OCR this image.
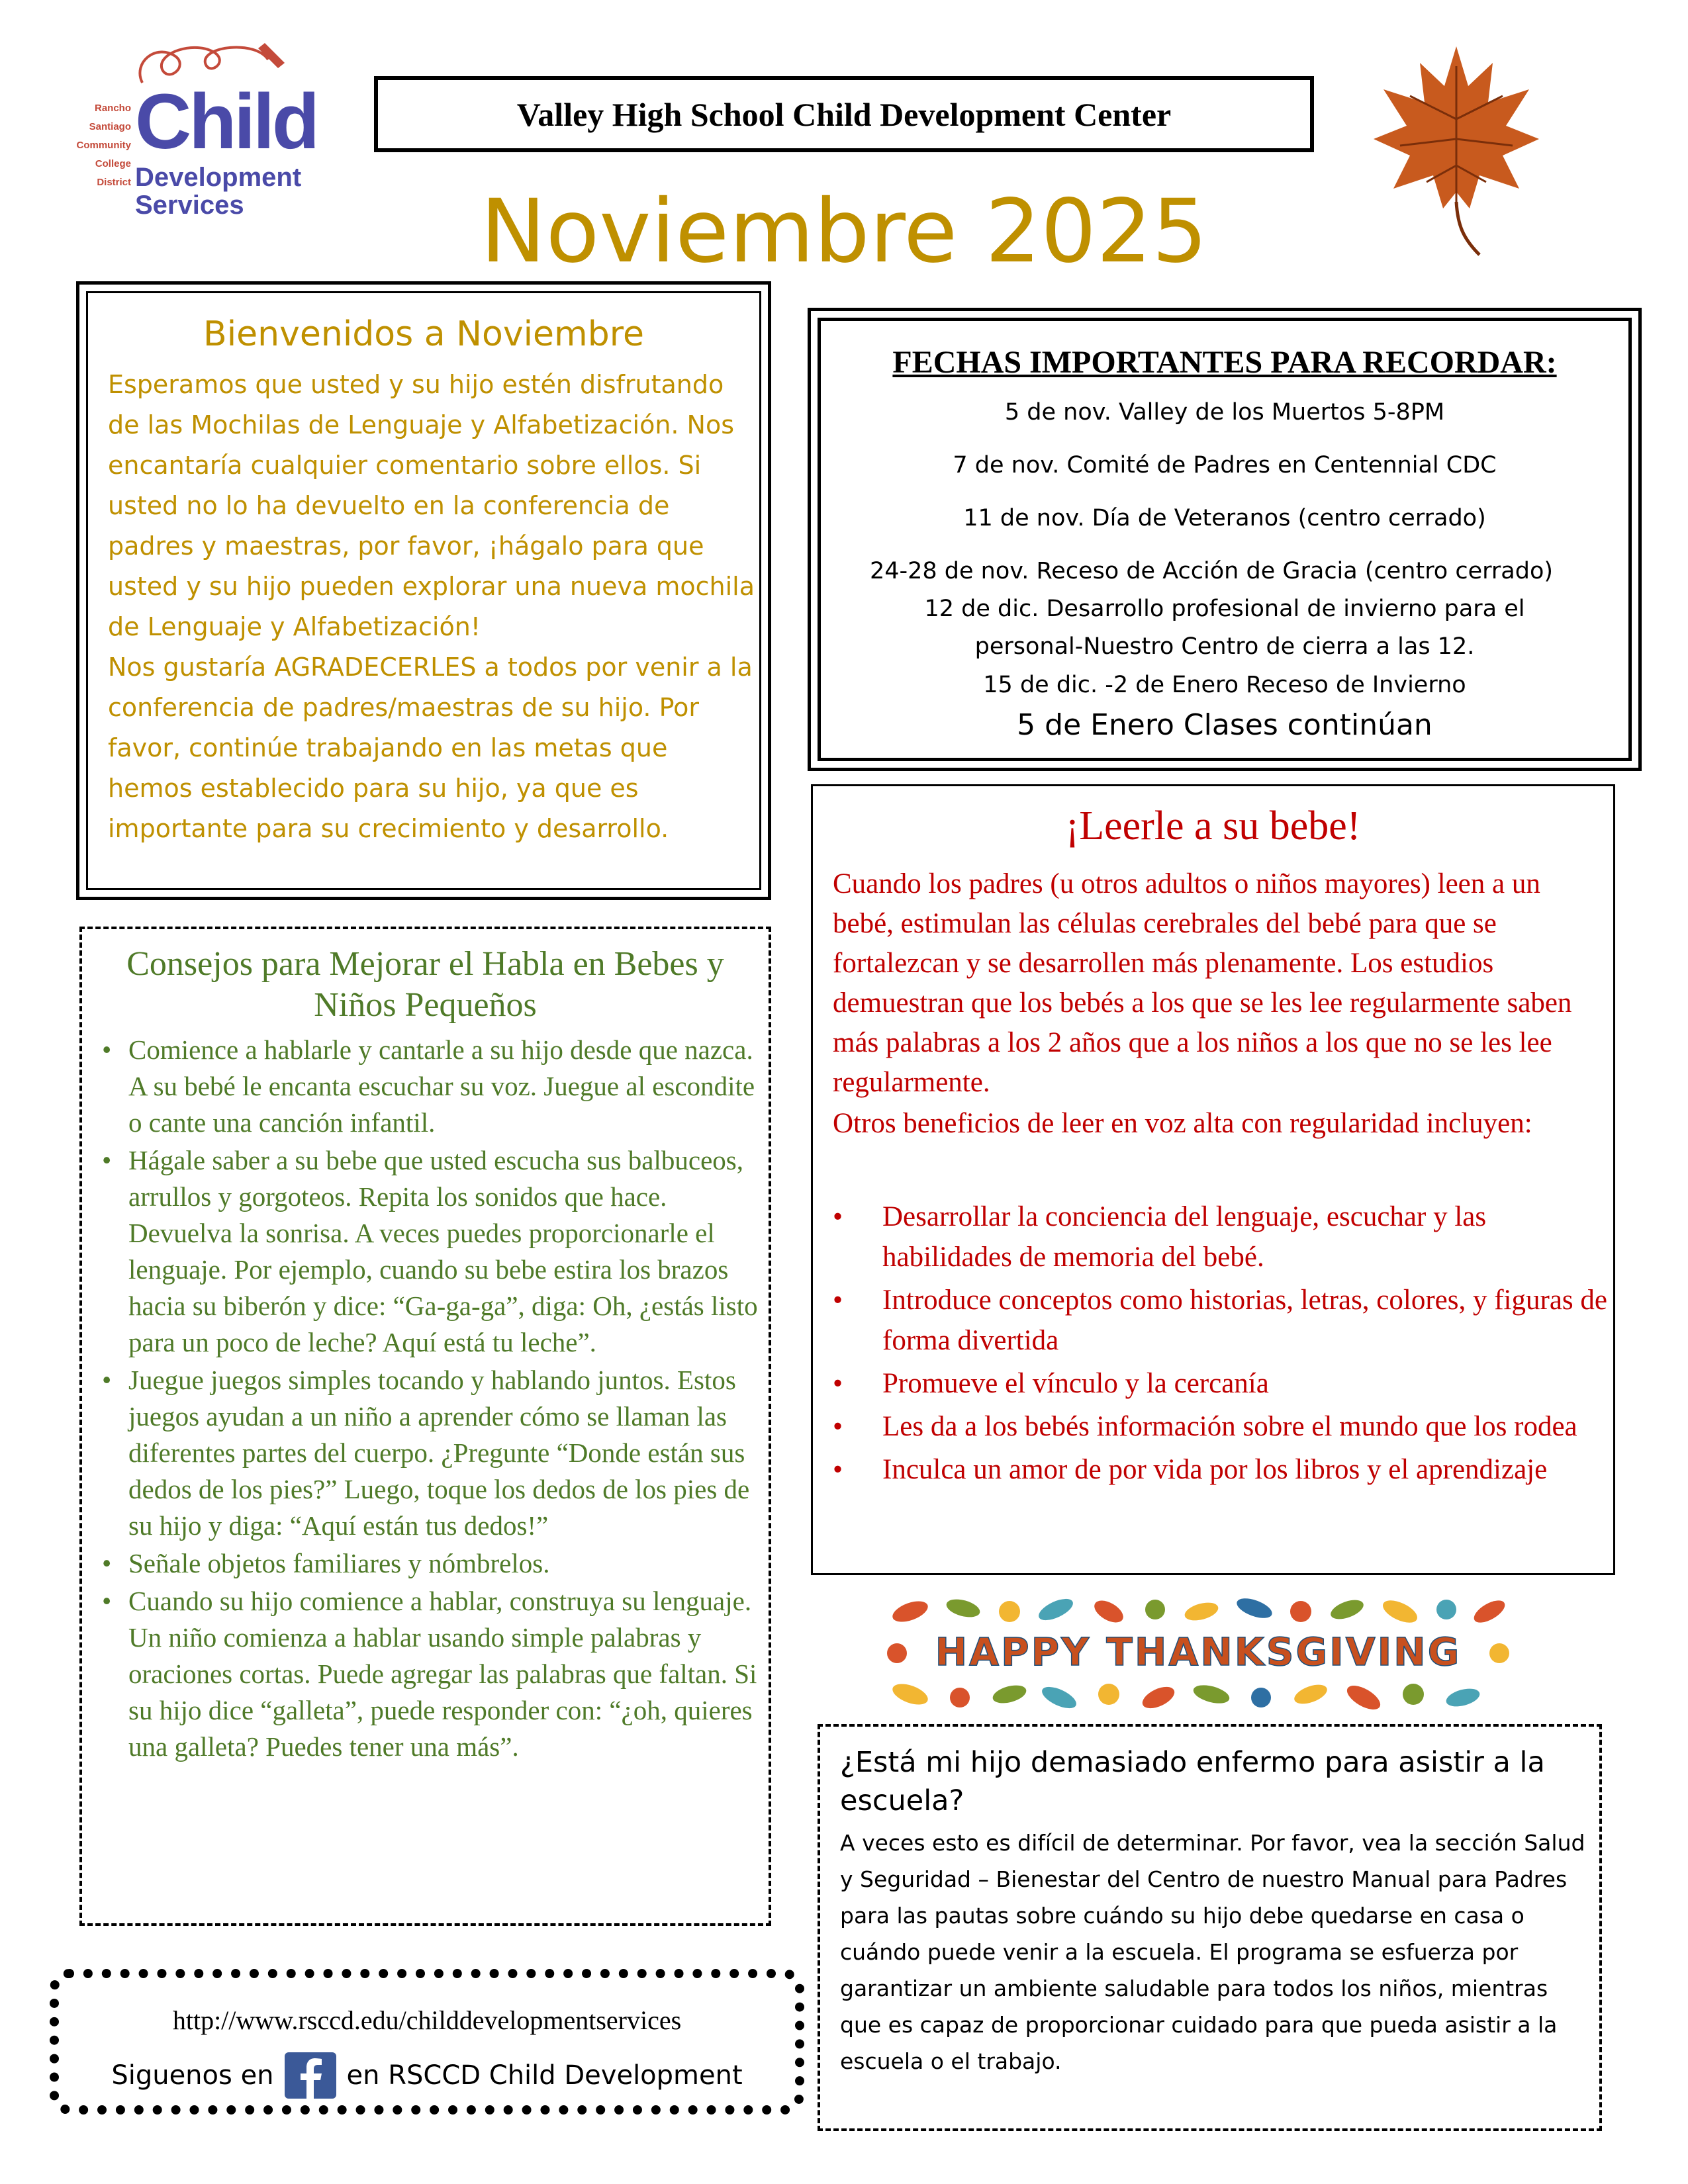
Rancho
Santiago
Community
College
District
Child
Development
Services
Valley High School Child Development Center
Noviembre 2025
Bienvenidos a Noviembre
Esperamos que usted y su hijo estén disfrutando de las Mochilas de Lenguaje y Alfabetización. Nos encantaría cualquier comentario sobre ellos. Si usted no lo ha devuelto en la conferencia de padres y maestras, por favor, ¡hágalo para que usted y su hijo pueden explorar una nueva mochila de Lenguaje y Alfabetización!
Nos gustaría AGRADECERLES a todos por venir a la conferencia de padres/maestras de su hijo. Por favor, continúe trabajando en las metas que hemos establecido para su hijo, ya que es importante para su crecimiento y desarrollo.
FECHAS IMPORTANTES PARA RECORDAR:
5 de nov. Valley de los Muertos 5-8PM
7 de nov. Comité de Padres en Centennial CDC
11 de nov. Día de Veteranos (centro cerrado)
24-28 de nov. Receso de Acción de Gracia (centro cerrado)
12 de dic. Desarrollo profesional de invierno para el
personal-Nuestro Centro de cierra a las 12.
15 de dic. -2 de Enero Receso de Invierno
5 de Enero Clases continúan
¡Leerle a su bebe!

Cuando los padres (u otros adultos o niños mayores) leen a un bebé, estimulan las células cerebrales del bebé para que se fortalezcan y se desarrollen más plenamente. Los estudios demuestran que los bebés a los que se les lee regularmente saben más palabras a los 2 años que a los niños a los que no se les lee regularmente.

Otros beneficios de leer en voz alta con regularidad incluyen:

• Desarrollar la conciencia del lenguaje, escuchar y las habilidades de memoria del bebé.
• Introduce conceptos como historias, letras, colores, y figuras de forma divertida
• Promueve el vínculo y la cercanía
• Les da a los bebés información sobre el mundo que los rodea
• Inculca un amor de por vida por los libros y el aprendizaje
Consejos para Mejorar el Habla en Bebes y Niños Pequeños
• Comience a hablarle y cantarle a su hijo desde que nazca. A su bebé le encanta escuchar su voz. Juegue al escondite o cante una canción infantil.
• Hágale saber a su bebe que usted escucha sus balbuceos, arrullos y gorgoteos. Repita los sonidos que hace. Devuelva la sonrisa. A veces puedes proporcionarle el lenguaje. Por ejemplo, cuando su bebe estira los brazos hacia su biberón y dice: “Ga-ga-ga”, diga: Oh, ¿estás listo para un poco de leche? Aquí está tu leche”.
• Juegue juegos simples tocando y hablando juntos. Estos juegos ayudan a un niño a aprender cómo se llaman las diferentes partes del cuerpo. ¿Pregunte “Donde están sus dedos de los pies?” Luego, toque los dedos de los pies de su hijo y diga: “Aquí están tus dedos!”
• Señale objetos familiares y nómbrelos.
• Cuando su hijo comience a hablar, construya su lenguaje. Un niño comienza a hablar usando simple palabras y oraciones cortas. Puede agregar las palabras que faltan. Si su hijo dice “galleta”, puede responder con: “¿oh, quieres una galleta? Puedes tener una más”.
HAPPY THANKSGIVING

¿Está mi hijo demasiado enfermo para asistir a la escuela?

A veces esto es difícil de determinar. Por favor, vea la sección Salud y Seguridad – Bienestar del Centro de nuestro Manual para Padres para las pautas sobre cuándo su hijo debe quedarse en casa o cuándo puede venir a la escuela. El programa se esfuerza por garantizar un ambiente saludable para todos los niños, mientras que es capaz de proporcionar cuidado para que pueda asistir a la escuela o el trabajo.

http://www.rsccd.edu/childdevelopmentservices
Siguenos en	en RSCCD Child Development
